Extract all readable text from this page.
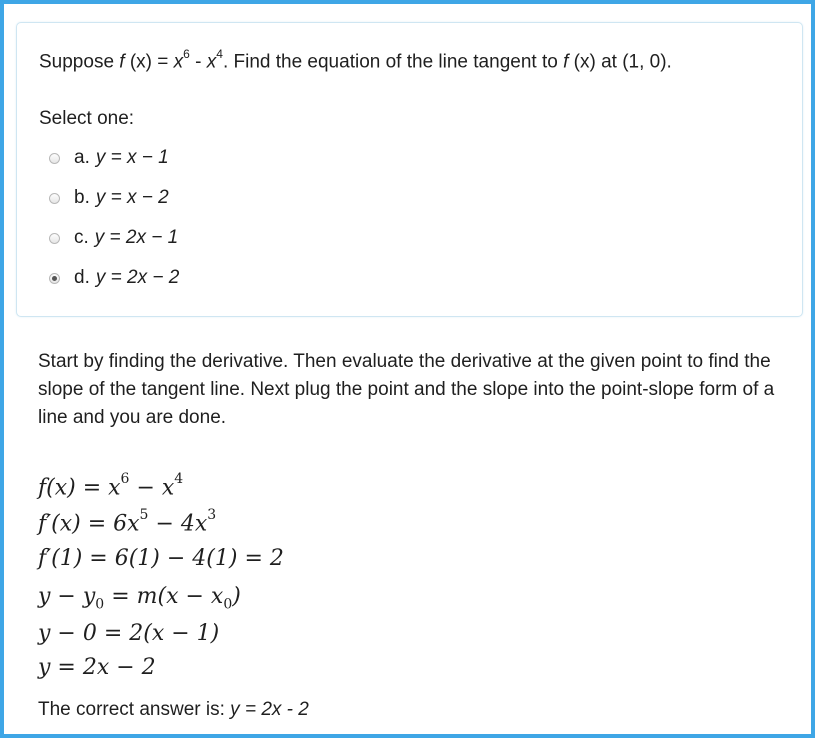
Suppose f $(x) = x^6 - x^4$. Find the equation of the line tangent to f (x) at (1, 0).
Select one:
a. y = x − 1
b. y = x − 2
c. y = 2x − 1
d. y = 2x − 2
Start by finding the derivative. Then evaluate the derivative at the given point to find the slope of the tangent line. Next plug the point and the slope into the point-slope form of a line and you are done.
$f(x) = x^6 - x^4$
$f'(x) = 6x^5 - 4x^3$
f′(1) = 6(1) − 4(1) = 2
$y - y_0 = m(x - x_0)$
y − 0 = 2(x − 1)
y = 2x − 2
The correct answer is: y = 2x - 2
